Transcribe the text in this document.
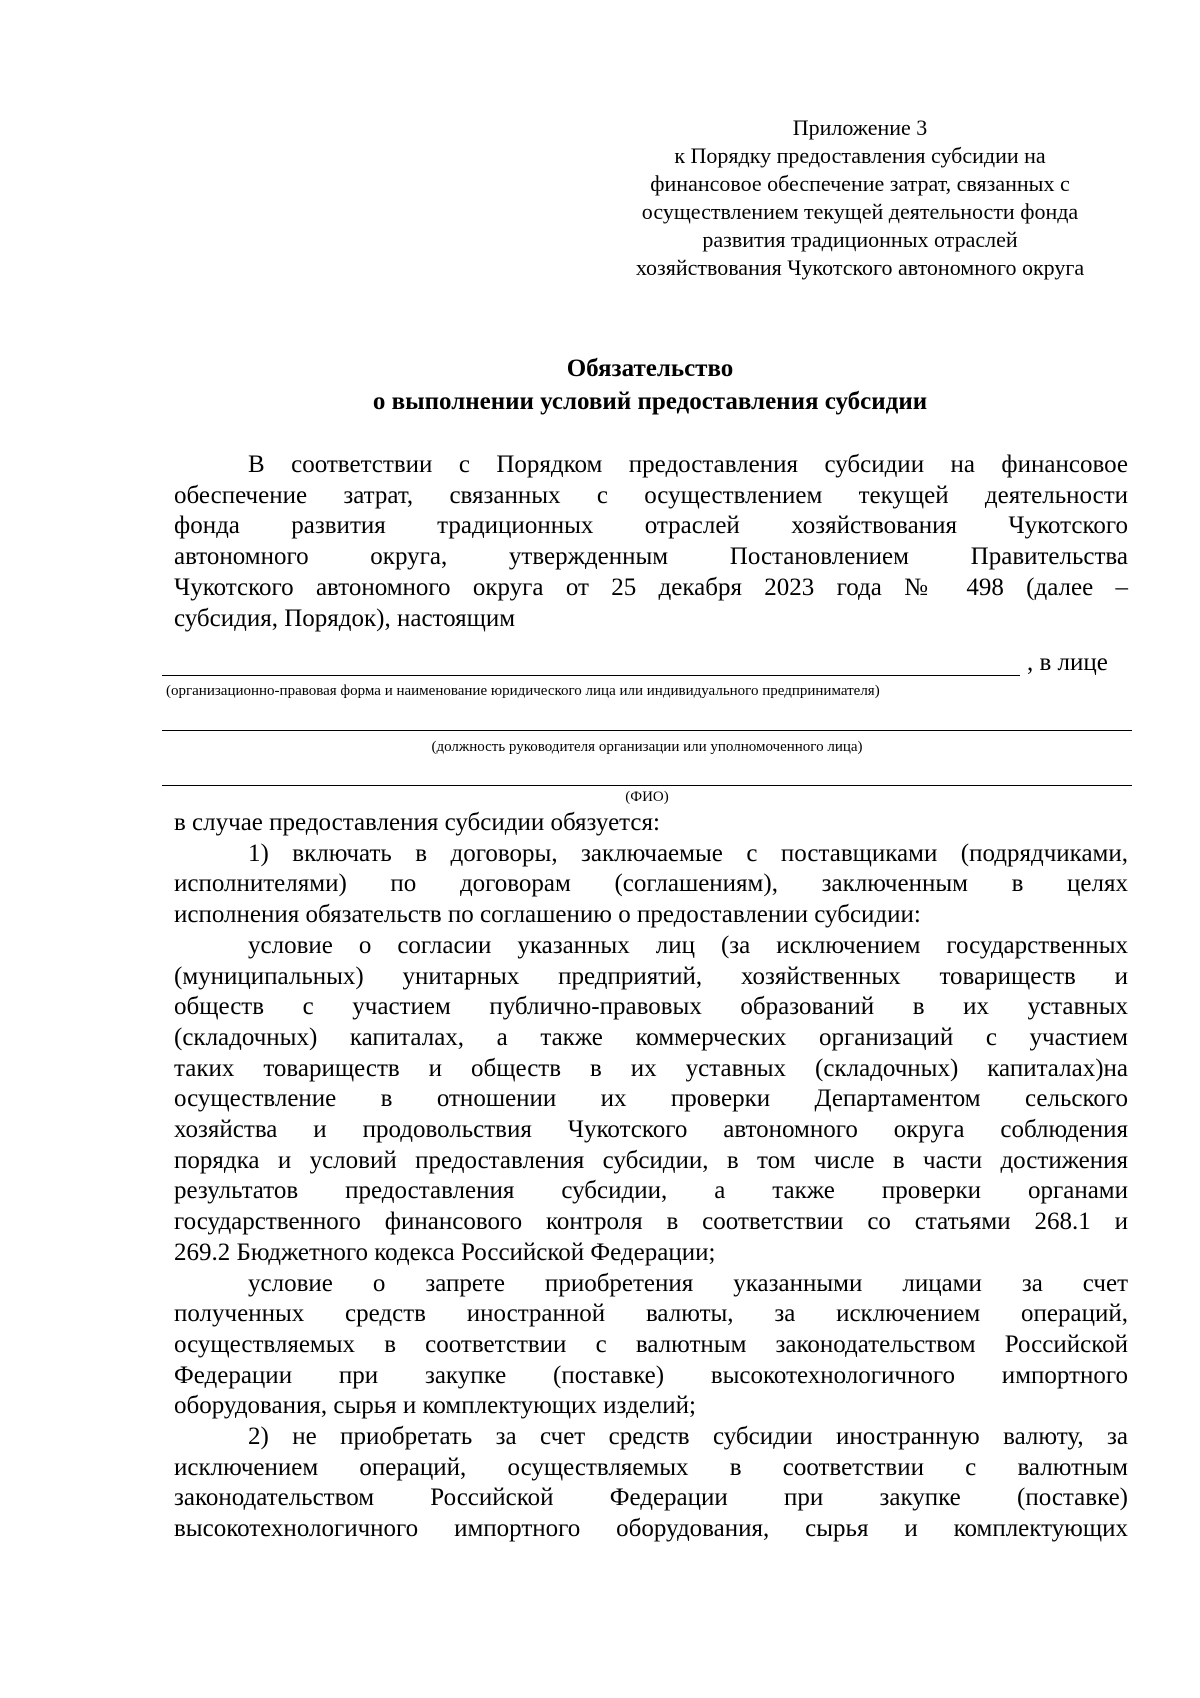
Приложение 3
к Порядку предоставления субсидии на
финансовое обеспечение затрат, связанных с
осуществлением текущей деятельности фонда
развития традиционных отраслей
хозяйствования Чукотского автономного округа
Обязательство
о выполнении условий предоставления субсидии
В соответствии с Порядком предоставления субсидии на финансовое
обеспечение затрат, связанных с осуществлением текущей деятельности
фонда развития традиционных отраслей хозяйствования Чукотского
автономного округа, утвержденным Постановлением Правительства
Чукотского автономного округа от 25 декабря 2023 года № 498 (далее –
субсидия, Порядок), настоящим
, в лице
(организационно-правовая форма и наименование юридического лица или индивидуального предпринимателя)
(должность руководителя организации или уполномоченного лица)
(ФИО)
в случае предоставления субсидии обязуется:
1) включать в договоры, заключаемые с поставщиками (подрядчиками,
исполнителями) по договорам (соглашениям), заключенным в целях
исполнения обязательств по соглашению о предоставлении субсидии:
условие о согласии указанных лиц (за исключением государственных
(муниципальных) унитарных предприятий, хозяйственных товариществ и
обществ с участием публично-правовых образований в их уставных
(складочных) капиталах, а также коммерческих организаций с участием
таких товариществ и обществ в их уставных (складочных) капиталах)на
осуществление в отношении их проверки Департаментом сельского
хозяйства и продовольствия Чукотского автономного округа соблюдения
порядка и условий предоставления субсидии, в том числе в части достижения
результатов предоставления субсидии, а также проверки органами
государственного финансового контроля в соответствии со статьями 268.1 и
269.2 Бюджетного кодекса Российской Федерации;
условие о запрете приобретения указанными лицами за счет
полученных средств иностранной валюты, за исключением операций,
осуществляемых в соответствии с валютным законодательством Российской
Федерации при закупке (поставке) высокотехнологичного импортного
оборудования, сырья и комплектующих изделий;
2) не приобретать за счет средств субсидии иностранную валюту, за
исключением операций, осуществляемых в соответствии с валютным
законодательством Российской Федерации при закупке (поставке)
высокотехнологичного импортного оборудования, сырья и комплектующих
